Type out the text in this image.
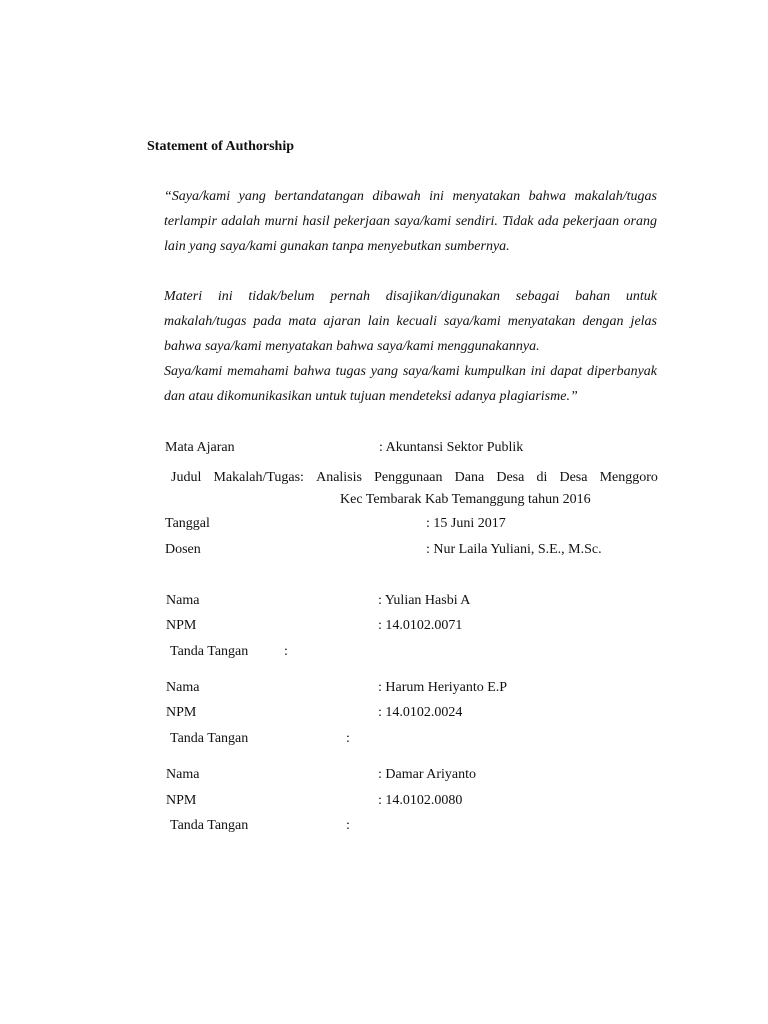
Statement of Authorship

“Saya/kami yang bertandatangan dibawah ini menyatakan bahwa makalah/tugas terlampir adalah murni hasil pekerjaan saya/kami sendiri. Tidak ada pekerjaan orang lain yang saya/kami gunakan tanpa menyebutkan sumbernya.

Materi ini tidak/belum pernah disajikan/digunakan sebagai bahan untuk makalah/tugas pada mata ajaran lain kecuali saya/kami menyatakan dengan jelas bahwa saya/kami menyatakan bahwa saya/kami menggunakannya.

Saya/kami memahami bahwa tugas yang saya/kami kumpulkan ini dapat diperbanyak dan atau dikomunikasikan untuk tujuan mendeteksi adanya plagiarisme.”

Mata Ajaran	: Akuntansi Sektor Publik
Judul Makalah/Tugas: Analisis Penggunaan Dana Desa di Desa Menggoro
Kec Tembarak Kab Temanggung tahun 2016
Tanggal	: 15 Juni 2017
Dosen	: Nur Laila Yuliani, S.E., M.Sc.
Nama	: Yulian Hasbi A
NPM	: 14.0102.0071
Tanda Tangan	:
Nama	: Harum Heriyanto E.P
NPM	: 14.0102.0024
Tanda Tangan	:
Nama	: Damar Ariyanto
NPM	: 14.0102.0080
Tanda Tangan	:
